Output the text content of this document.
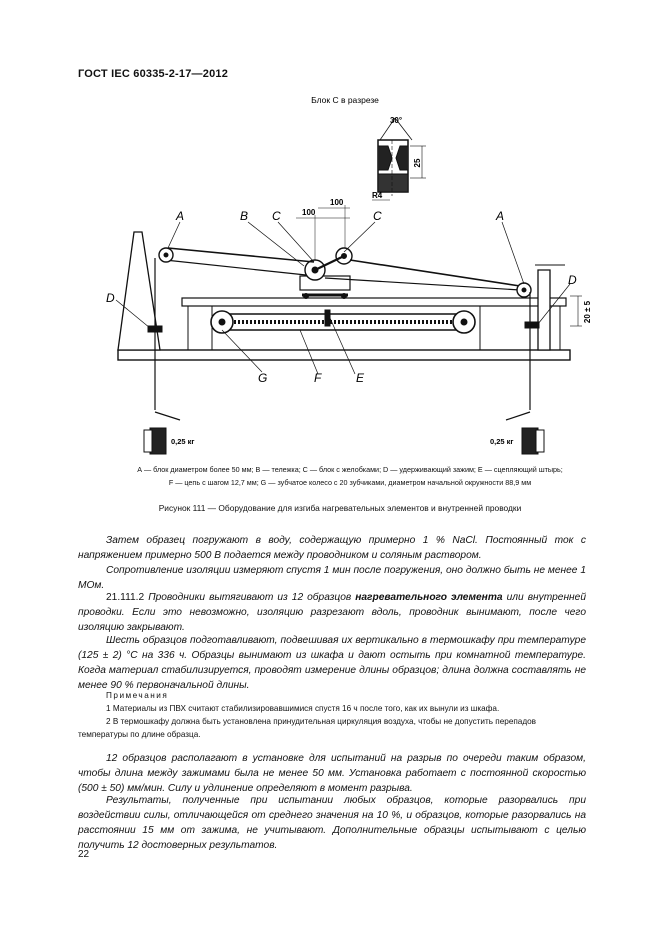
ГОСТ IEC 60335-2-17—2012
Блок С в разрезе
30°
25
R4
100
100
20 ± 5
0,25 кг	0,25 кг
A	B C	C	A
D
D
G	F	E
А — блок диаметром более 50 мм; В — тележка; С — блок с желобками; D — удерживающий зажим; Е — сцепляющий штырь;
F — цепь с шагом 12,7 мм; G — зубчатое колесо с 20 зубчиками, диаметром начальной окружности 88,9 мм
Рисунок 111 — Оборудование для изгиба нагревательных элементов и внутренней проводки
Затем образец погружают в воду, содержащую примерно 1 % NaCl. Постоянный ток с напряжением примерно 500 В подается между проводником и соляным раствором.
Сопротивление изоляции измеряют спустя 1 мин после погружения, оно должно быть не менее 1 МОм.
21.111.2 Проводники вытягивают из 12 образцов нагревательного элемента или внутренней проводки. Если это невозможно, изоляцию разрезают вдоль, проводник вынимают, после чего изоляцию закрывают.
Шесть образцов подготавливают, подвешивая их вертикально в термошкафу при температуре (125 ± 2) °С на 336 ч. Образцы вынимают из шкафа и дают остыть при комнатной температуре. Когда материал стабилизируется, проводят измерение длины образцов; длина должна составлять не менее 90 % первоначальной длины.
Примечания
1 Материалы из ПВХ считают стабилизировавшимися спустя 16 ч после того, как их вынули из шкафа.
2 В термошкафу должна быть установлена принудительная циркуляция воздуха, чтобы не допустить перепадов температуры по длине образца.
12 образцов располагают в установке для испытаний на разрыв по очереди таким образом, чтобы длина между зажимами была не менее 50 мм. Установка работает с постоянной скоростью (500 ± 50) мм/мин. Силу и удлинение определяют в момент разрыва.
Результаты, полученные при испытании любых образцов, которые разорвались при воздействии силы, отличающейся от среднего значения на 10 %, и образцов, которые разорвались на расстоянии 15 мм от зажима, не учитывают. Дополнительные образцы испытывают с целью получить 12 достоверных результатов.
22
